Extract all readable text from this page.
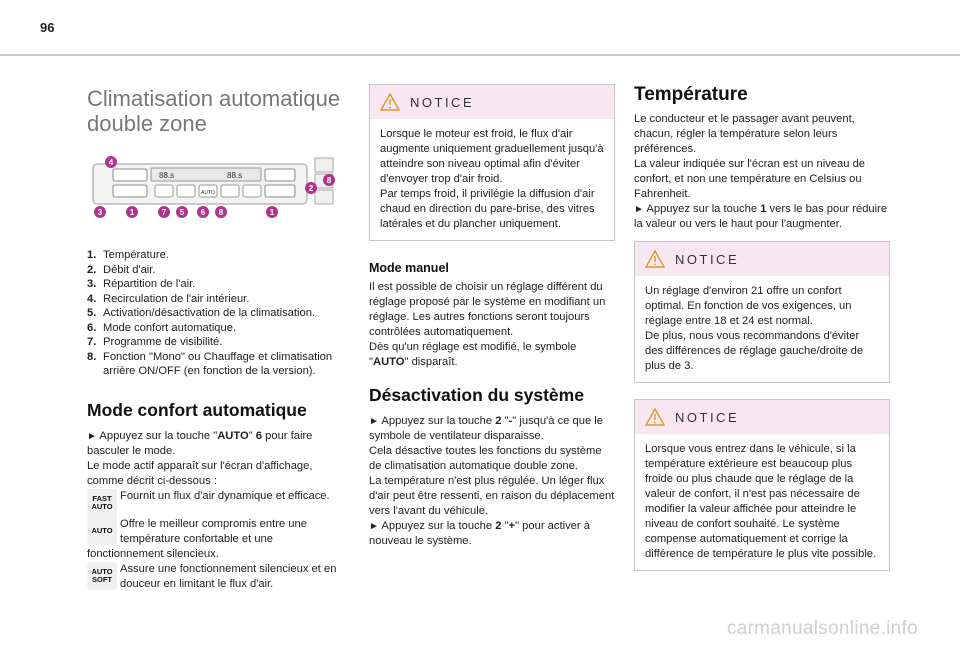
96
Climatisation automatique
double zone
88.s	88.s
AUTO
4
2
8
3	1	7 5 6 8	1
1. Température.
2. Débit d'air.
3. Répartition de l'air.
4. Recirculation de l'air intérieur.
5. Activation/désactivation de la climatisation.
6. Mode confort automatique.
7. Programme de visibilité.
8. Fonction "Mono" ou Chauffage et climatisation arrière ON/OFF (en fonction de la version).
Mode confort automatique

► Appuyez sur la touche "AUTO" 6 pour faire basculer le mode.

Le mode actif apparaît sur l'écran d'affichage, comme décrit ci-dessous :

FAST
AUTO
Fournit un flux d'air dynamique et efficace.
AUTO
Offre le meilleur compromis entre une température confortable et une
fonctionnement silencieux.
AUTO
SOFT
Assure une fonctionnement silencieux et en douceur en limitant le flux d'air.
NOTICE
Lorsque le moteur est froid, le flux d'air augmente uniquement graduellement jusqu'à atteindre son niveau optimal afin d'éviter d'envoyer trop d'air froid.
Par temps froid, il privilégie la diffusion d'air chaud en direction du pare-brise, des vitres latérales et du plancher uniquement.
Mode manuel

Il est possible de choisir un réglage différent du réglage proposé par le système en modifiant un réglage. Les autres fonctions seront toujours contrôlées automatiquement.

Dès qu'un réglage est modifié, le symbole "AUTO" disparaît.

Désactivation du système

► Appuyez sur la touche 2 "-" jusqu'à ce que le symbole de ventilateur disparaisse.

Cela désactive toutes les fonctions du système de climatisation automatique double zone.

La température n'est plus régulée. Un léger flux d'air peut être ressenti, en raison du déplacement vers l'avant du véhicule.

► Appuyez sur la touche 2 "+" pour activer à nouveau le système.

Température

Le conducteur et le passager avant peuvent, chacun, régler la température selon leurs préférences.

La valeur indiquée sur l'écran est un niveau de confort, et non une température en Celsius ou Fahrenheit.

► Appuyez sur la touche 1 vers le bas pour réduire la valeur ou vers le haut pour l'augmenter.

NOTICE
Un réglage d'environ 21 offre un confort optimal. En fonction de vos exigences, un réglage entre 18 et 24 est normal.
De plus, nous vous recommandons d'éviter des différences de réglage gauche/droite de plus de 3.
NOTICE
Lorsque vous entrez dans le véhicule, si la température extérieure est beaucoup plus froide ou plus chaude que le réglage de la valeur de confort, il n'est pas nécessaire de modifier la valeur affichée pour atteindre le niveau de confort souhaité. Le système compense automatiquement et corrige la différence de température le plus vite possible.
carmanualsonline.info
